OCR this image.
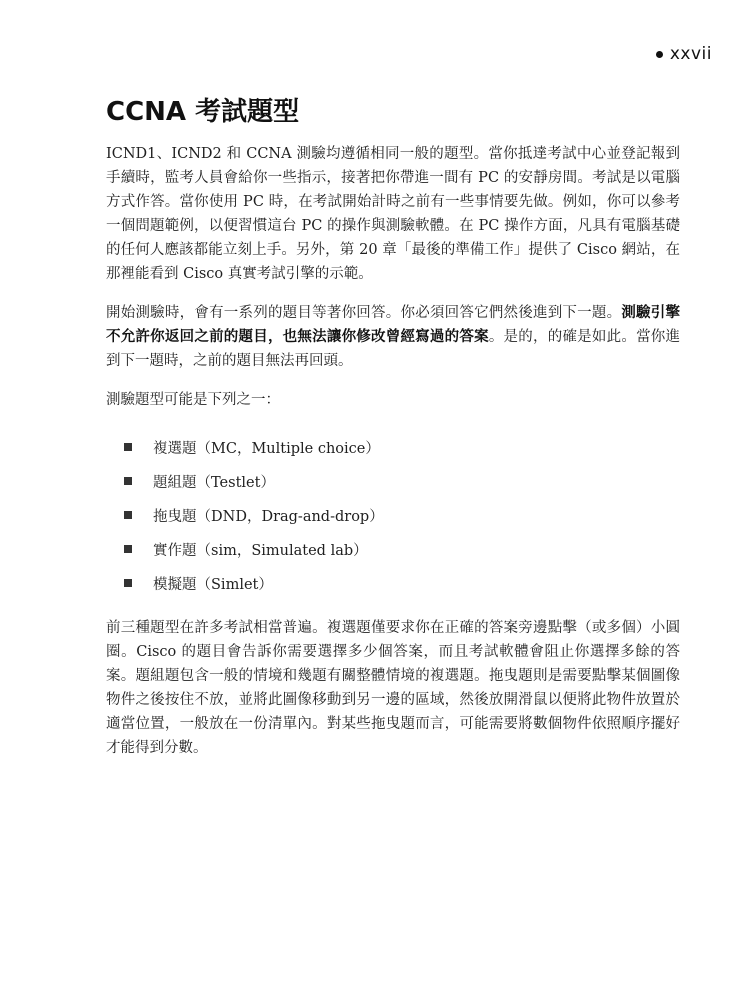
xxvii
CCNA 考試題型

ICND1、ICND2 和 CCNA 測驗均遵循相同一般的題型。當你抵達考試中心並登記報到手續時，監考人員會給你一些指示，接著把你帶進一間有 PC 的安靜房間。考試是以電腦方式作答。當你使用 PC 時，在考試開始計時之前有一些事情要先做。例如，你可以參考一個問題範例，以便習慣這台 PC 的操作與測驗軟體。在 PC 操作方面，凡具有電腦基礎的任何人應該都能立刻上手。另外，第 20 章「最後的準備工作」提供了 Cisco 網站，在那裡能看到 Cisco 真實考試引擎的示範。

開始測驗時，會有一系列的題目等著你回答。你必須回答它們然後進到下一題。測驗引擎不允許你返回之前的題目，也無法讓你修改曾經寫過的答案。是的，的確是如此。當你進到下一題時，之前的題目無法再回頭。

測驗題型可能是下列之一：

複選題（MC，Multiple choice）
題組題（Testlet）
拖曳題（DND，Drag-and-drop）
實作題（sim，Simulated lab）
模擬題（Simlet）

前三種題型在許多考試相當普遍。複選題僅要求你在正確的答案旁邊點擊（或多個）小圓圈。Cisco 的題目會告訴你需要選擇多少個答案，而且考試軟體會阻止你選擇多餘的答案。題組題包含一般的情境和幾題有關整體情境的複選題。拖曳題則是需要點擊某個圖像物件之後按住不放，並將此圖像移動到另一邊的區域，然後放開滑鼠以便將此物件放置於適當位置，一般放在一份清單內。對某些拖曳題而言，可能需要將數個物件依照順序擺好才能得到分數。
